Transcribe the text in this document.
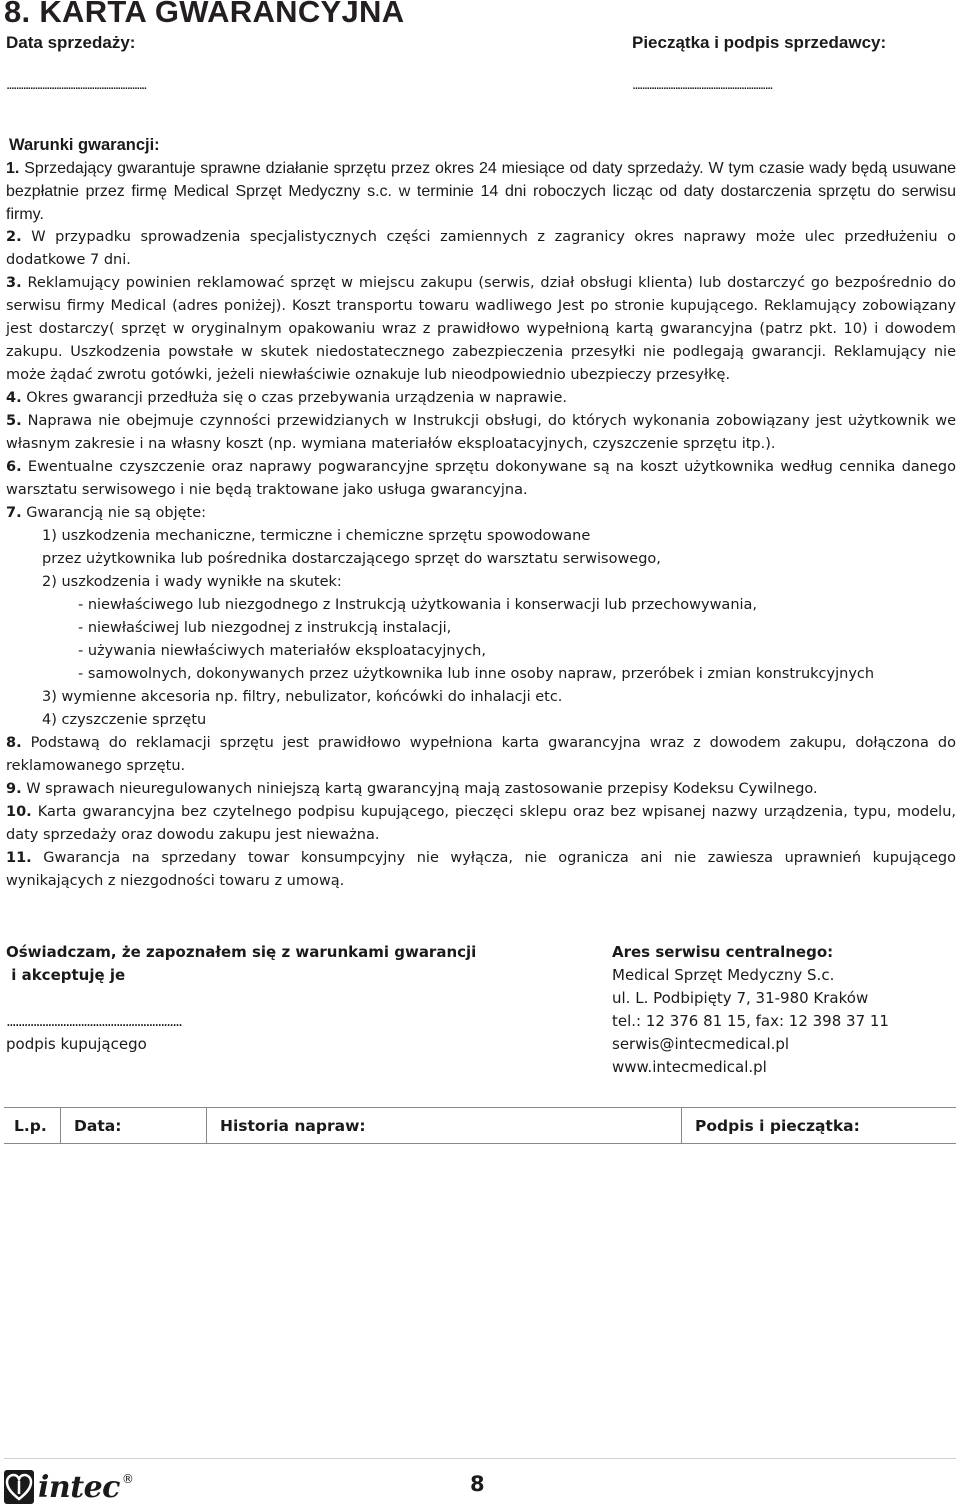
8. KARTA GWARANCYJNA
Data sprzedaży:	Pieczątka i podpis sprzedawcy:
...........................................................	...........................................................

Warunki gwarancji:

1. Sprzedający gwarantuje sprawne działanie sprzętu przez okres 24 miesiące od daty sprzedaży. W tym czasie wady będą usuwane bezpłatnie przez firmę Medical Sprzęt Medyczny s.c. w terminie 14 dni roboczych licząc od daty dostarczenia sprzętu do serwisu firmy.

2. W przypadku sprowadzenia specjalistycznych części zamiennych z zagranicy okres naprawy może ulec przedłużeniu o dodatkowe 7 dni.

3. Reklamujący powinien reklamować sprzęt w miejscu zakupu (serwis, dział obsługi klienta) lub dostarczyć go bezpośrednio do serwisu firmy Medical (adres poniżej). Koszt transportu towaru wadliwego Jest po stronie kupującego. Reklamujący zobowiązany jest dostarczy( sprzęt w oryginalnym opakowaniu wraz z prawidłowo wypełnioną kartą gwarancyjna (patrz pkt. 10) i dowodem zakupu. Uszkodzenia powstałe w skutek niedostatecznego zabezpieczenia przesyłki nie podlegają gwarancji. Reklamujący nie może żądać zwrotu gotówki, jeżeli niewłaściwie oznakuje lub nieodpowiednio ubezpieczy przesyłkę.

4. Okres gwarancji przedłuża się o czas przebywania urządzenia w naprawie.

5. Naprawa nie obejmuje czynności przewidzianych w Instrukcji obsługi, do których wykonania zobowiązany jest użytkownik we własnym zakresie i na własny koszt (np. wymiana materiałów eksploatacyjnych, czyszczenie sprzętu itp.).

6. Ewentualne czyszczenie oraz naprawy pogwarancyjne sprzętu dokonywane są na koszt użytkownika według cennika danego warsztatu serwisowego i nie będą traktowane jako usługa gwarancyjna.

7. Gwarancją nie są objęte:

1) uszkodzenia mechaniczne, termiczne i chemiczne sprzętu spowodowane

przez użytkownika lub pośrednika dostarczającego sprzęt do warsztatu serwisowego,

2) uszkodzenia i wady wynikłe na skutek:

- niewłaściwego lub niezgodnego z Instrukcją użytkowania i konserwacji lub przechowywania,

- niewłaściwej lub niezgodnej z instrukcją instalacji,

- używania niewłaściwych materiałów eksploatacyjnych,

- samowolnych, dokonywanych przez użytkownika lub inne osoby napraw, przeróbek i zmian konstrukcyjnych

3) wymienne akcesoria np. filtry, nebulizator, końcówki do inhalacji etc.

4) czyszczenie sprzętu

8. Podstawą do reklamacji sprzętu jest prawidłowo wypełniona karta gwarancyjna wraz z dowodem zakupu, dołączona do reklamowanego sprzętu.

9. W sprawach nieuregulowanych niniejszą kartą gwarancyjną mają zastosowanie przepisy Kodeksu Cywilnego.

10. Karta gwarancyjna bez czytelnego podpisu kupującego, pieczęci sklepu oraz bez wpisanej nazwy urządzenia, typu, modelu, daty sprzedaży oraz dowodu zakupu jest nieważna.

11. Gwarancja na sprzedany towar konsumpcyjny nie wyłącza, nie ogranicza ani nie zawiesza uprawnień kupującego wynikających z niezgodności towaru z umową.

Oświadczam, że zapoznałem się z warunkami gwarancji
i akceptuję je
...........................................................
podpis kupującego
Ares serwisu centralnego:
Medical Sprzęt Medyczny S.c.
ul. L. Podbipięty 7, 31-980 Kraków
tel.: 12 376 81 15, fax: 12 398 37 11
serwis@intecmedical.pl
www.intecmedical.pl
L.p. Data:	Historia napraw:	Podpis i pieczątka:
intec ®	8
